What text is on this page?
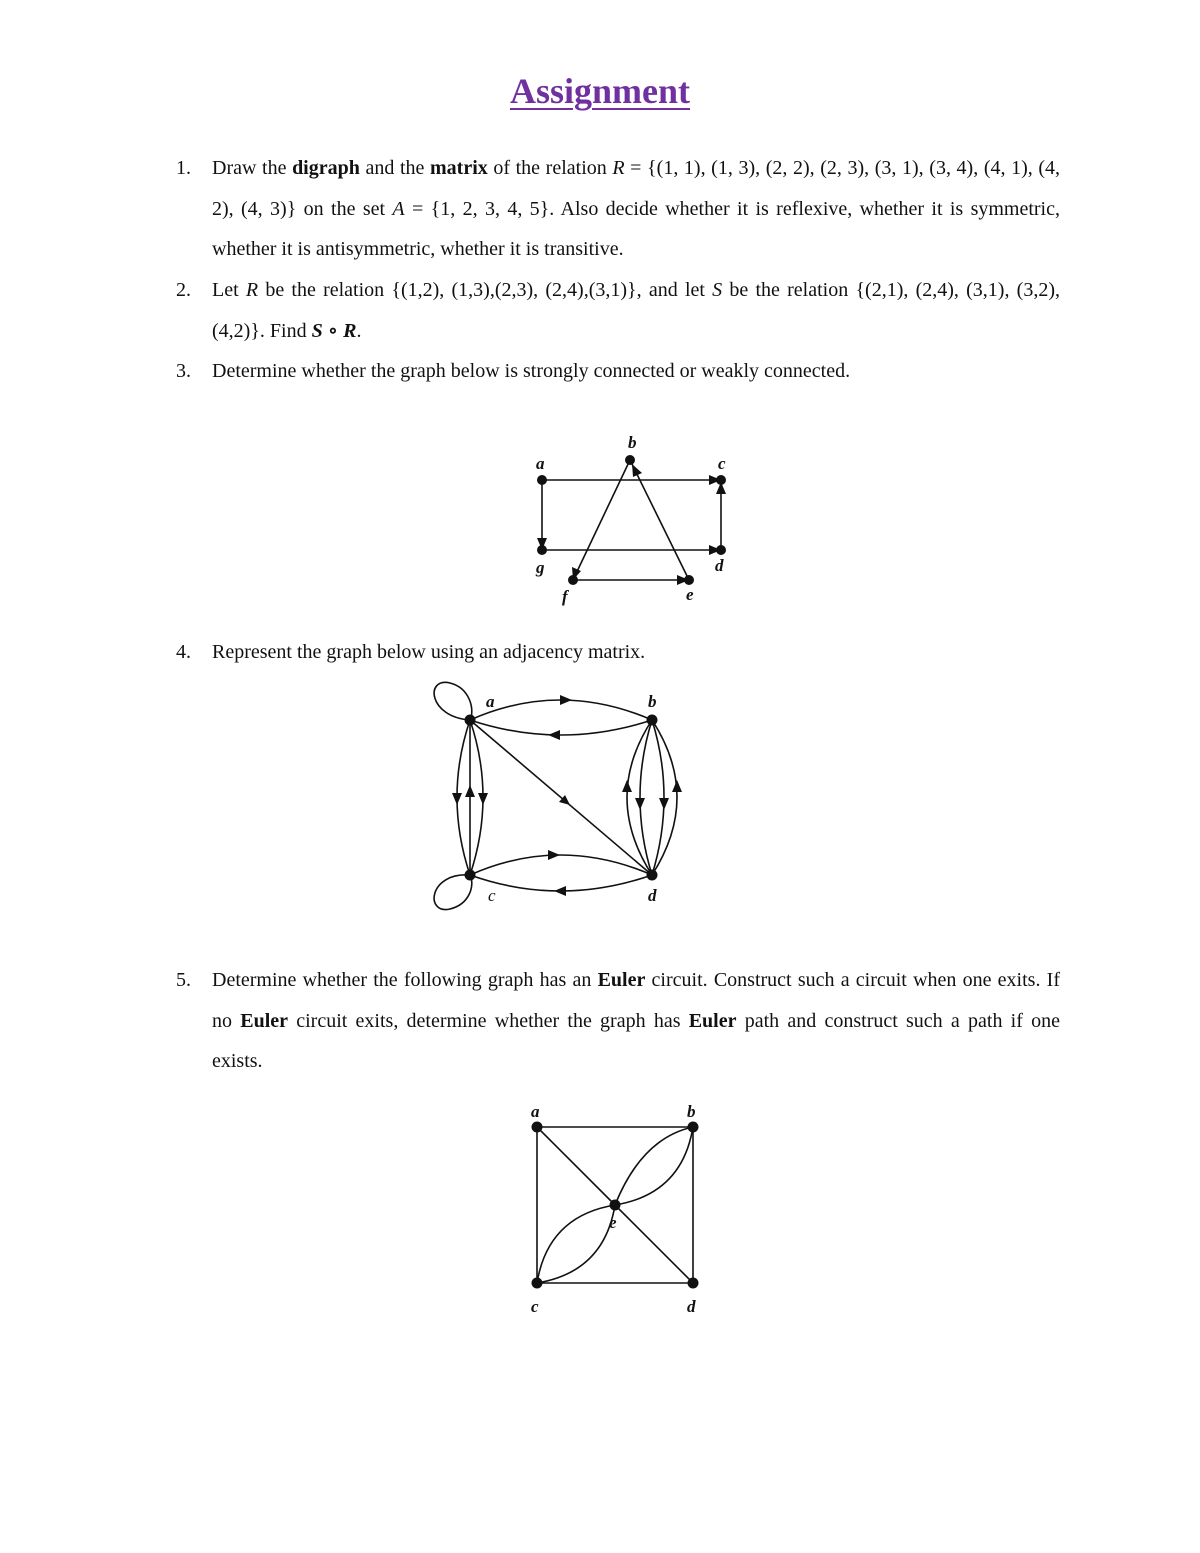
Assignment
1. Draw the digraph and the matrix of the relation R = {(1, 1), (1, 3), (2, 2), (2, 3), (3, 1), (3, 4), (4, 1), (4, 2), (4, 3)} on the set A = {1, 2, 3, 4, 5}. Also decide whether it is reflexive, whether it is symmetric, whether it is antisymmetric, whether it is transitive.
2. Let R be the relation {(1,2), (1,3),(2,3), (2,4),(3,1)}, and let S be the relation {(2,1), (2,4), (3,1), (3,2), (4,2)}. Find S ∘ R.
3. Determine whether the graph below is strongly connected or weakly connected.
a
b
c
d
e
f
g
4. Represent the graph below using an adjacency matrix.
a	b
c	d
5. Determine whether the following graph has an Euler circuit. Construct such a circuit when one exits. If no Euler circuit exits, determine whether the graph has Euler path and construct such a path if one exists.
a	b
c	d
e
